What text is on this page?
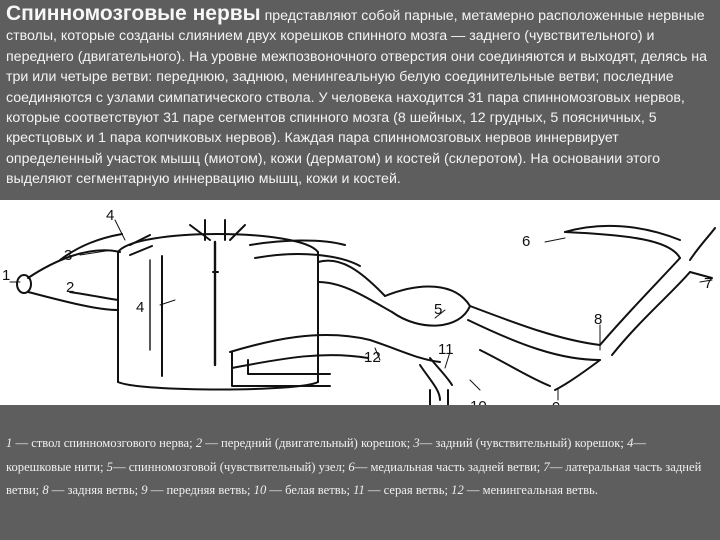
Спинномозговые нервы представляют собой парные, метамерно расположенные нервные стволы, которые созданы слиянием двух корешков спинного мозга — заднего (чувствительного) и переднего (двигательного). На уровне межпозвоночного отверстия они соединяются и выходят, делясь на три или четыре ветви: переднюю, заднюю, менингеальную белую соединительные ветви; последние соединяются с узлами симпатического ствола. У человека находится 31 пара спинномозговых нервов, которые соответствуют 31 паре сегментов спинного мозга (8 шейных, 12 грудных, 5 поясничных, 5 крестцовых и 1 пара копчиковых нервов). Каждая пара спинномозговых нервов иннервирует определенный участок мышц (миотом), кожи (дерматом) и костей (склеротом). На основании этого выделяют сегментарную иннервацию мышц, кожи и костей.
1
2
3
4
4	5
6
7
8
11
12
1 — ствол спинномозгового нерва; 2 — передний (двигательный) корешок; 3— задний (чувствительный) корешок; 4— корешковые нити; 5— спинномозговой (чувствительный) узел; 6— медиальная часть задней ветви; 7— латеральная часть задней ветви; 8 — задняя ветвь; 9 — передняя ветвь; 10 — белая ветвь; 11 — серая ветвь; 12 — менингеальная ветвь.
